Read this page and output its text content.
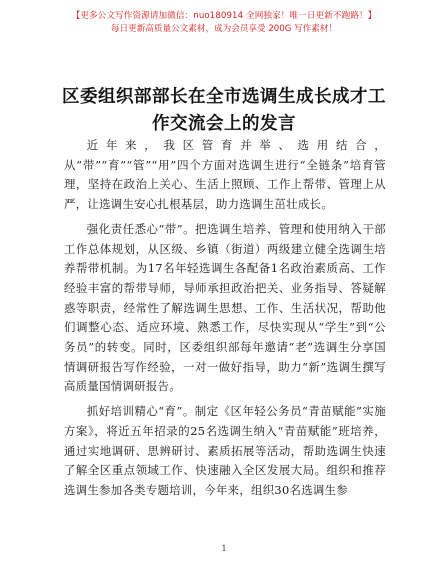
【更多公文写作资源请加微信：nuo180914 全网独家！唯一日更新不跑路！】
每日更新高质量公文素材，成为会员享受 200G 写作素材！
区委组织部部长在全市选调生成长成才工作交流会上的发言

近年来，我区管育并举、选用结合，从“带”“育”“管”“用”四个方面对选调生进行“全链条”培育管理，坚持在政治上关心、生活上照顾、工作上帮带、管理上从严，让选调生安心扎根基层，助力选调生茁壮成长。

强化责任悉心“带”。把选调生培养、管理和使用纳入干部工作总体规划，从区级、乡镇（街道）两级建立健全选调生培养帮带机制。为17名年轻选调生各配备1名政治素质高、工作经验丰富的帮带导师，导师承担政治把关、业务指导、答疑解惑等职责，经常性了解选调生思想、工作、生活状况，帮助他们调整心态、适应环境、熟悉工作，尽快实现从“学生”到“公务员”的转变。同时，区委组织部每年邀请“老”选调生分享国情调研报告写作经验，一对一做好指导，助力“新”选调生撰写高质量国情调研报告。

抓好培训精心“育”。制定《区年轻公务员“青苗赋能”实施方案》，将近五年招录的25名选调生纳入“青苗赋能”班培养，通过实地调研、思辨研讨、素质拓展等活动，帮助选调生快速了解全区重点领域工作、快速融入全区发展大局。组织和推荐选调生参加各类专题培训，今年来，组织30名选调生参

1
